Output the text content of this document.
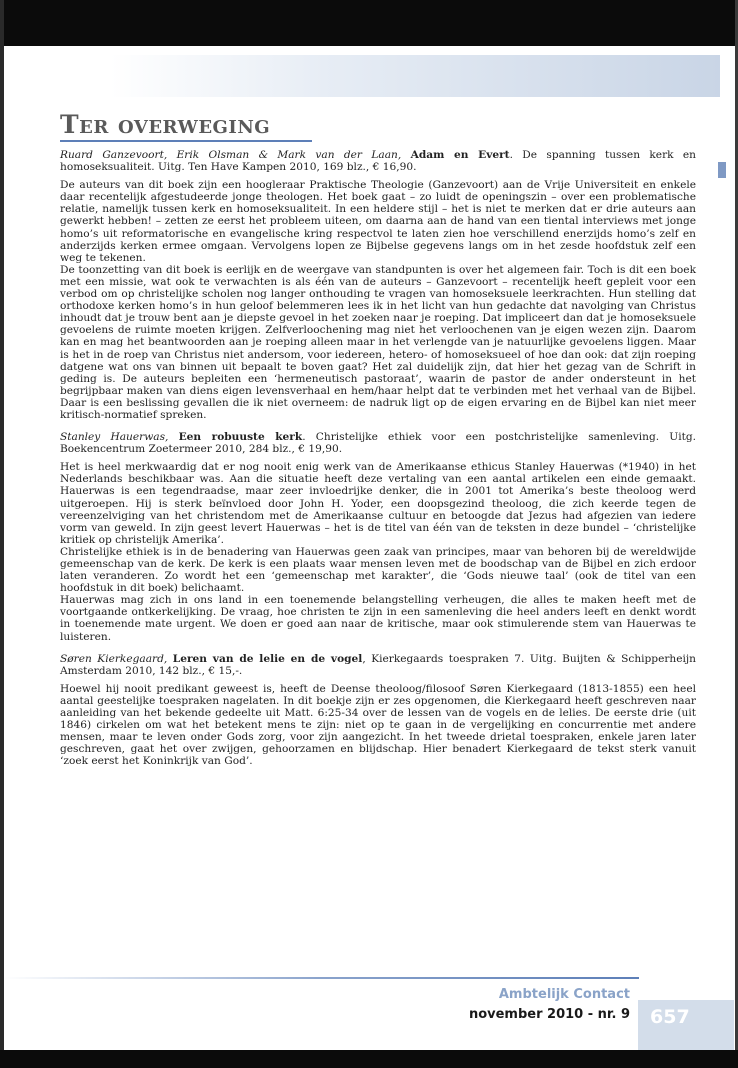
Ter overweging

Ruard Ganzevoort, Erik Olsman & Mark van der Laan, Adam en Evert. De spanning tussen kerk en homoseksualiteit. Uitg. Ten Have Kampen 2010, 169 blz., € 16,90.

De auteurs van dit boek zijn een hoogleraar Praktische Theologie (Ganzevoort) aan de Vrije Universiteit en enkele daar recentelijk afgestudeerde jonge theologen. Het boek gaat – zo luidt de openingszin – over een problematische relatie, namelijk tussen kerk en homoseksualiteit. In een heldere stijl – het is niet te merken dat er drie auteurs aan gewerkt hebben! – zetten ze eerst het probleem uiteen, om daarna aan de hand van een tiental interviews met jonge homo’s uit reformatorische en evangelische kring respectvol te laten zien hoe verschillend enerzijds homo’s zelf en anderzijds kerken ermee omgaan. Vervolgens lopen ze Bijbelse gegevens langs om in het zesde hoofdstuk zelf een weg te tekenen.

De toonzetting van dit boek is eerlijk en de weergave van standpunten is over het algemeen fair. Toch is dit een boek met een missie, wat ook te verwachten is als één van de auteurs – Ganzevoort – recentelijk heeft gepleit voor een verbod om op christelijke scholen nog langer onthouding te vragen van homoseksuele leerkrachten. Hun stelling dat orthodoxe kerken homo’s in hun geloof belemmeren lees ik in het licht van hun gedachte dat navolging van Christus inhoudt dat je trouw bent aan je diepste gevoel in het zoeken naar je roeping. Dat impliceert dan dat je homoseksuele gevoelens de ruimte moeten krijgen. Zelfverloochening mag niet het verloochenen van je eigen wezen zijn. Daarom kan en mag het beantwoorden aan je roeping alleen maar in het verlengde van je natuurlijke gevoelens liggen. Maar is het in de roep van Christus niet andersom, voor iedereen, hetero- of homoseksueel of hoe dan ook: dat zijn roeping datgene wat ons van binnen uit bepaalt te boven gaat? Het zal duidelijk zijn, dat hier het gezag van de Schrift in geding is. De auteurs bepleiten een ‘hermeneutisch pastoraat’, waarin de pastor de ander ondersteunt in het begrijpbaar maken van diens eigen levensverhaal en hem/haar helpt dat te verbinden met het verhaal van de Bijbel. Daar is een beslissing gevallen die ik niet overneem: de nadruk ligt op de eigen ervaring en de Bijbel kan niet meer kritisch-normatief spreken.

Stanley Hauerwas, Een robuuste kerk. Christelijke ethiek voor een postchristelijke samenleving. Uitg. Boekencentrum Zoetermeer 2010, 284 blz., € 19,90.

Het is heel merkwaardig dat er nog nooit enig werk van de Amerikaanse ethicus Stanley Hauerwas (*1940) in het Nederlands beschikbaar was. Aan die situatie heeft deze vertaling van een aantal artikelen een einde gemaakt. Hauerwas is een tegendraadse, maar zeer invloedrijke denker, die in 2001 tot Amerika’s beste theoloog werd uitgeroepen. Hij is sterk beïnvloed door John H. Yoder, een doopsgezind theoloog, die zich keerde tegen de vereenzelviging van het christendom met de Amerikaanse cultuur en betoogde dat Jezus had afgezien van iedere vorm van geweld. In zijn geest levert Hauerwas – het is de titel van één van de teksten in deze bundel – ‘christelijke kritiek op christelijk Amerika’.

Christelijke ethiek is in de benadering van Hauerwas geen zaak van principes, maar van behoren bij de wereldwijde gemeenschap van de kerk. De kerk is een plaats waar mensen leven met de boodschap van de Bijbel en zich erdoor laten veranderen. Zo wordt het een ‘gemeenschap met karakter’, die ‘Gods nieuwe taal’ (ook de titel van een hoofdstuk in dit boek) belichaamt.

Hauerwas mag zich in ons land in een toenemende belangstelling verheugen, die alles te maken heeft met de voortgaande ontkerkelijking. De vraag, hoe christen te zijn in een samenleving die heel anders leeft en denkt wordt in toenemende mate urgent. We doen er goed aan naar de kritische, maar ook stimulerende stem van Hauerwas te luisteren.

Søren Kierkegaard, Leren van de lelie en de vogel, Kierkegaards toespraken 7. Uitg. Buijten & Schipperheijn Amsterdam 2010, 142 blz., € 15,-.

Hoewel hij nooit predikant geweest is, heeft de Deense theoloog/filosoof Søren Kierkegaard (1813-1855) een heel aantal geestelijke toespraken nagelaten. In dit boekje zijn er zes opgenomen, die Kierkegaard heeft geschreven naar aanleiding van het bekende gedeelte uit Matt. 6:25-34 over de lessen van de vogels en de lelies. De eerste drie (uit 1846) cirkelen om wat het betekent mens te zijn: niet op te gaan in de vergelijking en concurrentie met andere mensen, maar te leven onder Gods zorg, voor zijn aangezicht. In het tweede drietal toespraken, enkele jaren later geschreven, gaat het over zwijgen, gehoorzamen en blijdschap. Hier benadert Kierkegaard de tekst sterk vanuit ‘zoek eerst het Koninkrijk van God’.

Ambtelijk Contact
november 2010 - nr. 9 657
